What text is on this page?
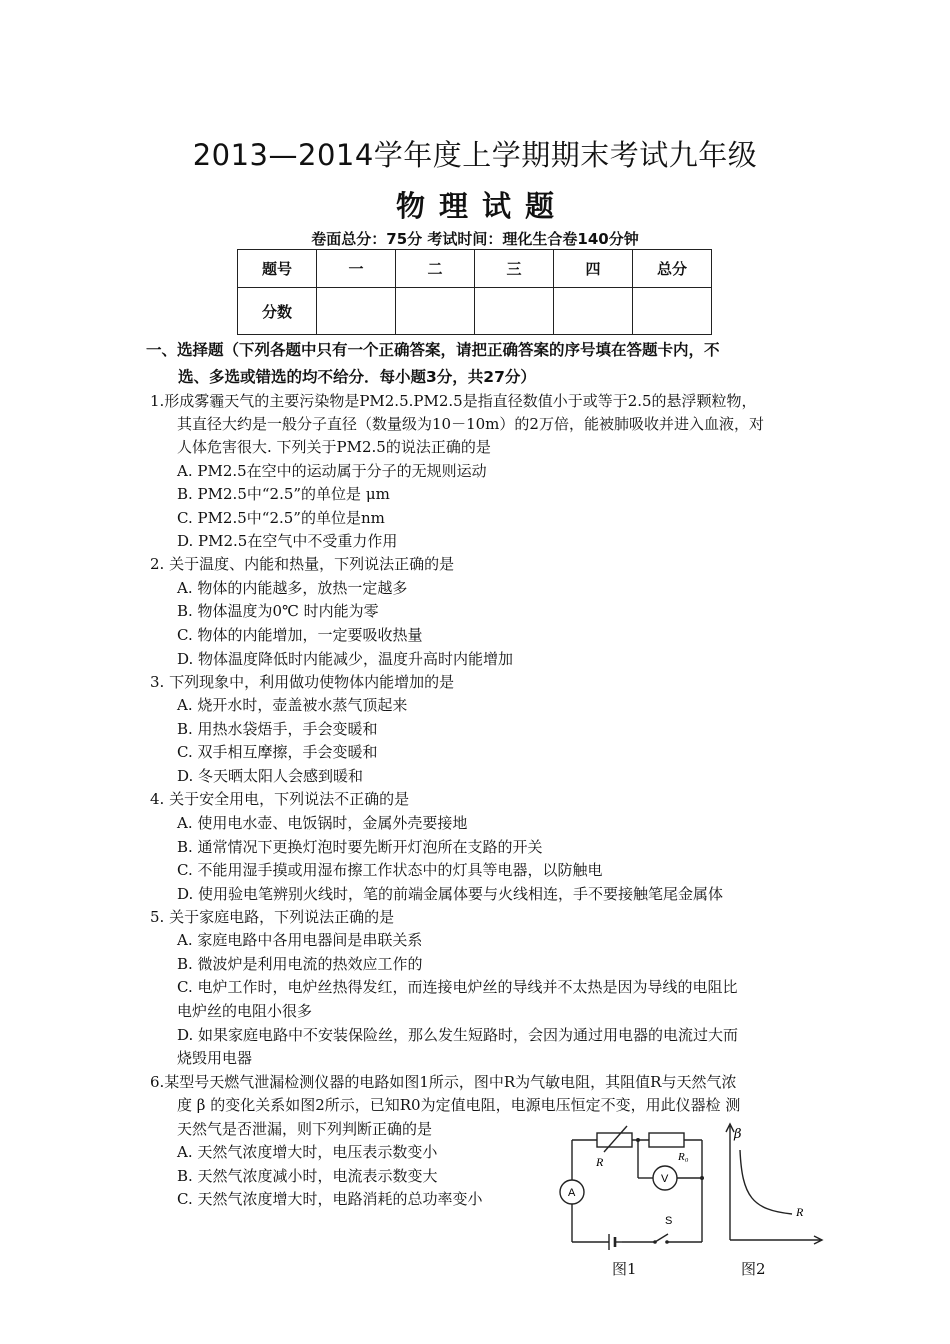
2013—2014学年度上学期期末考试九年级
物理试题
卷面总分：75分 考试时间：理化生合卷140分钟
题号	一	二	三	四	总分
分数					
一、选择题（下列各题中只有一个正确答案，请把正确答案的序号填在答题卡内，不
选、多选或错选的均不给分．每小题3分，共27分）
1.形成雾霾天气的主要污染物是PM2.5.PM2.5是指直径数值小于或等于2.5的悬浮颗粒物，
其直径大约是一般分子直径（数量级为10－10m）的2万倍，能被肺吸收并进入血液，对
人体危害很大. 下列关于PM2.5的说法正确的是
A. PM2.5在空中的运动属于分子的无规则运动
B. PM2.5中“2.5”的单位是 μm
C. PM2.5中“2.5”的单位是nm
D. PM2.5在空气中不受重力作用
2. 关于温度、内能和热量，下列说法正确的是
A. 物体的内能越多，放热一定越多
B. 物体温度为0℃ 时内能为零
C. 物体的内能增加，一定要吸收热量
D. 物体温度降低时内能减少，温度升高时内能增加
3. 下列现象中，利用做功使物体内能增加的是
A. 烧开水时，壶盖被水蒸气顶起来
B. 用热水袋焐手，手会变暖和
C. 双手相互摩擦，手会变暖和
D. 冬天晒太阳人会感到暖和
4. 关于安全用电，下列说法不正确的是
A. 使用电水壶、电饭锅时，金属外壳要接地
B. 通常情况下更换灯泡时要先断开灯泡所在支路的开关
C. 不能用湿手摸或用湿布擦工作状态中的灯具等电器，以防触电
D. 使用验电笔辨别火线时，笔的前端金属体要与火线相连，手不要接触笔尾金属体
5. 关于家庭电路，下列说法正确的是
A. 家庭电路中各用电器间是串联关系
B. 微波炉是利用电流的热效应工作的
C. 电炉工作时，电炉丝热得发红，而连接电炉丝的导线并不太热是因为导线的电阻比
电炉丝的电阻小很多
D. 如果家庭电路中不安装保险丝，那么发生短路时，会因为通过用电器的电流过大而
烧毁用电器
6.某型号天燃气泄漏检测仪器的电路如图1所示，图中R为气敏电阻，其阻值R与天然气浓
度 β 的变化关系如图2所示，已知R0为定值电阻，电源电压恒定不变，用此仪器检 测
天然气是否泄漏，则下列判断正确的是
A. 天然气浓度增大时，电压表示数变小
B. 天然气浓度减小时，电流表示数变大
C. 天然气浓度增大时，电路消耗的总功率变小
R	R₀
V
A
S
图1
β
R
图2
